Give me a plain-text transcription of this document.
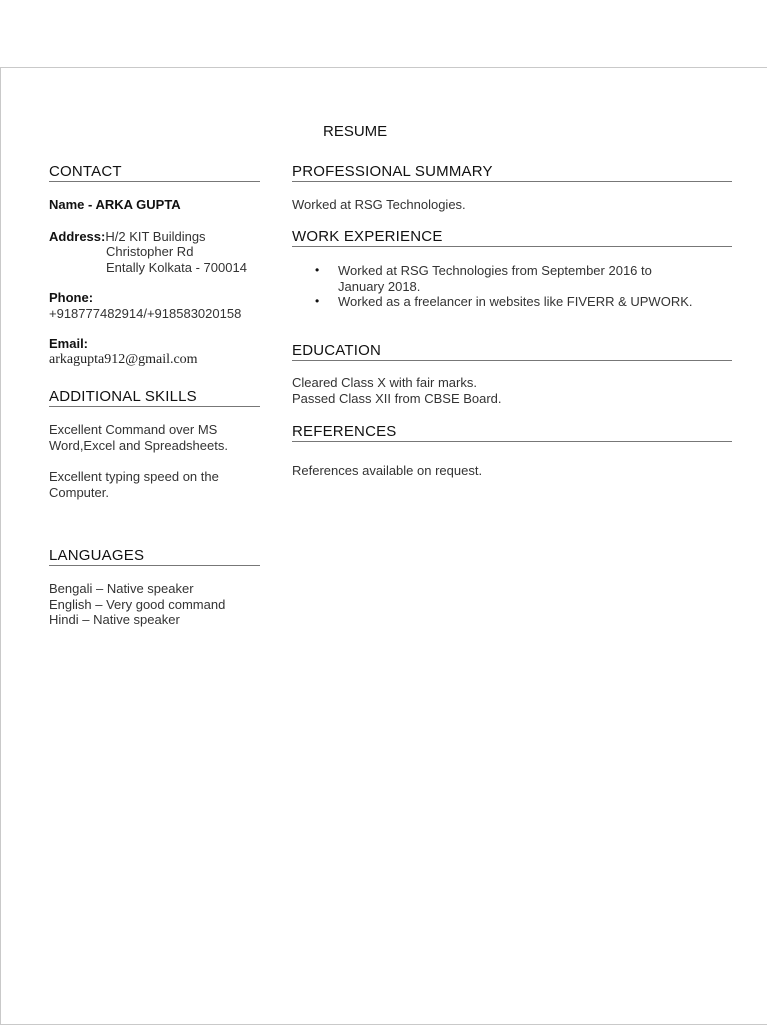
RESUME
CONTACT
Name - ARKA GUPTA
Address:H/2 KIT Buildings
Christopher Rd
Entally Kolkata - 700014
Phone:
+918777482914/+918583020158
Email:
arkagupta912@gmail.com
ADDITIONAL SKILLS
Excellent Command over MS
Word,Excel and Spreadsheets.
Excellent typing speed on the
Computer.
LANGUAGES
Bengali – Native speaker
English – Very good command
Hindi – Native speaker
PROFESSIONAL SUMMARY
Worked at RSG Technologies.
WORK EXPERIENCE
• Worked at RSG Technologies from September 2016 to
January 2018.
• Worked as a freelancer in websites like FIVERR & UPWORK.
EDUCATION
Cleared Class X with fair marks.
Passed Class XII from CBSE Board.
REFERENCES
References available on request.
